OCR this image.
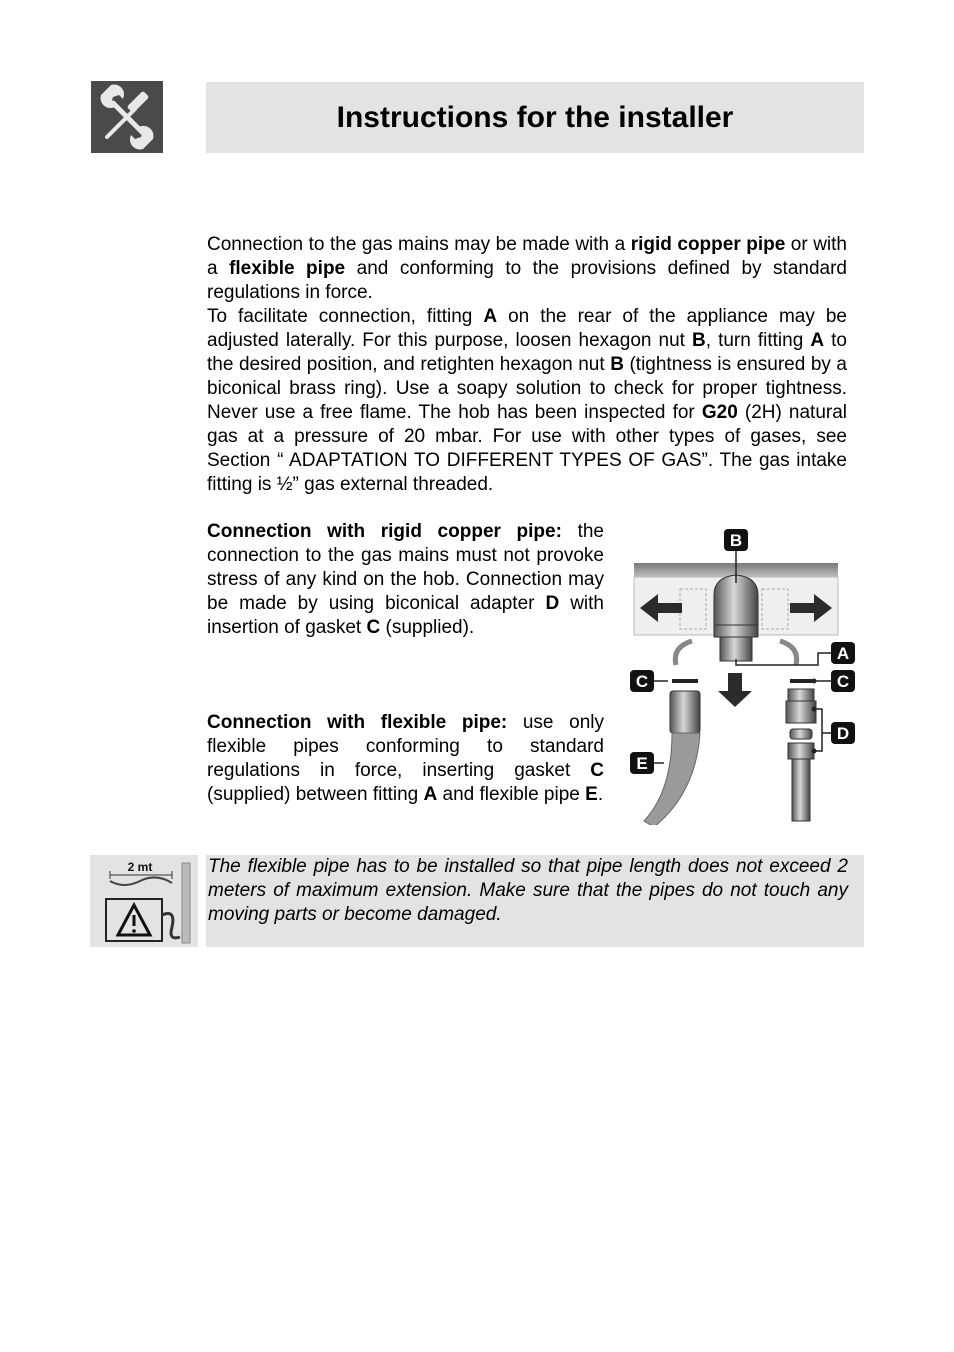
Instructions for the installer

Connection to the gas mains may be made with a rigid copper pipe or with a flexible pipe and conforming to the provisions defined by standard regulations in force.

To facilitate connection, fitting A on the rear of the appliance may be adjusted laterally. For this purpose, loosen hexagon nut B, turn fitting A to the desired position, and retighten hexagon nut B (tightness is ensured by a biconical brass ring). Use a soapy solution to check for proper tightness. Never use a free flame. The hob has been inspected for G20 (2H) natural gas at a pressure of 20 mbar. For use with other types of gases, see Section “ ADAPTATION TO DIFFERENT TYPES OF GAS”. The gas intake fitting is ½” gas external threaded.

Connection with rigid copper pipe: the connection to the gas mains must not provoke stress of any kind on the hob. Connection may be made by using biconical adapter D with insertion of gasket C (supplied).

Connection with flexible pipe: use only flexible pipes conforming to standard regulations in force, inserting gasket C (supplied) between fitting A and flexible pipe E.

B
A
C
D
C
E
2 mt	The flexible pipe has to be installed so that pipe length does not exceed 2 meters of maximum extension. Make sure that the pipes do not touch any moving parts or become damaged.
